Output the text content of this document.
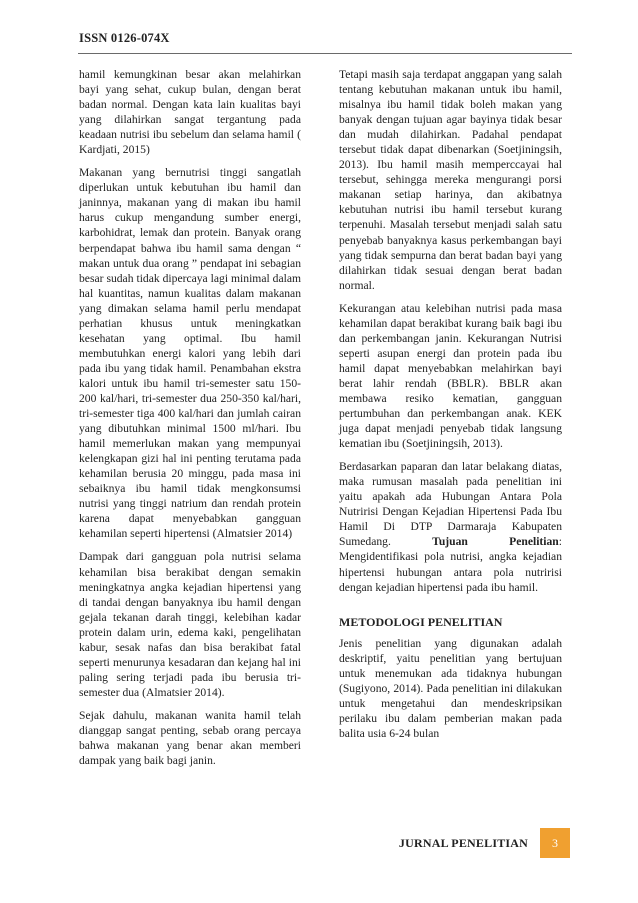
ISSN 0126-074X

hamil kemungkinan besar akan melahirkan bayi yang sehat, cukup bulan, dengan berat badan normal. Dengan kata lain kualitas bayi yang dilahirkan sangat tergantung pada keadaan nutrisi ibu sebelum dan selama hamil ( Kardjati, 2015)

Makanan yang bernutrisi tinggi sangatlah diperlukan untuk kebutuhan ibu hamil dan janinnya, makanan yang di makan ibu hamil harus cukup mengandung sumber energi, karbohidrat, lemak dan protein. Banyak orang berpendapat bahwa ibu hamil sama dengan “ makan untuk dua orang ” pendapat ini sebagian besar sudah tidak dipercaya lagi minimal dalam hal kuantitas, namun kualitas dalam makanan yang dimakan selama hamil perlu mendapat perhatian khusus untuk meningkatkan kesehatan yang optimal. Ibu hamil membutuhkan energi kalori yang lebih dari pada ibu yang tidak hamil. Penambahan ekstra kalori untuk ibu hamil tri-semester satu 150-200 kal/hari, tri-semester dua 250-350 kal/hari, tri-semester tiga 400 kal/hari dan jumlah cairan yang dibutuhkan minimal 1500 ml/hari. Ibu hamil memerlukan makan yang mempunyai kelengkapan gizi hal ini penting terutama pada kehamilan berusia 20 minggu, pada masa ini sebaiknya ibu hamil tidak mengkonsumsi nutrisi yang tinggi natrium dan rendah protein karena dapat menyebabkan gangguan kehamilan seperti hipertensi (Almatsier 2014)

Dampak dari gangguan pola nutrisi selama kehamilan bisa berakibat dengan semakin meningkatnya angka kejadian hipertensi yang di tandai dengan banyaknya ibu hamil dengan gejala tekanan darah tinggi, kelebihan kadar protein dalam urin, edema kaki, pengelihatan kabur, sesak nafas dan bisa berakibat fatal seperti menurunya kesadaran dan kejang hal ini paling sering terjadi pada ibu berusia tri-semester dua (Almatsier 2014).

Sejak dahulu, makanan wanita hamil telah dianggap sangat penting, sebab orang percaya bahwa makanan yang benar akan memberi dampak yang baik bagi janin.

Tetapi masih saja terdapat anggapan yang salah tentang kebutuhan makanan untuk ibu hamil, misalnya ibu hamil tidak boleh makan yang banyak dengan tujuan agar bayinya tidak besar dan mudah dilahirkan. Padahal pendapat tersebut tidak dapat dibenarkan (Soetjiningsih, 2013). Ibu hamil masih memperccayai hal tersebut, sehingga mereka mengurangi porsi makanan setiap harinya, dan akibatnya kebutuhan nutrisi ibu hamil tersebut kurang terpenuhi. Masalah tersebut menjadi salah satu penyebab banyaknya kasus perkembangan bayi yang tidak sempurna dan berat badan bayi yang dilahirkan tidak sesuai dengan berat badan normal.

Kekurangan atau kelebihan nutrisi pada masa kehamilan dapat berakibat kurang baik bagi ibu dan perkembangan janin. Kekurangan Nutrisi seperti asupan energi dan protein pada ibu hamil dapat menyebabkan melahirkan bayi berat lahir rendah (BBLR). BBLR akan membawa resiko kematian, gangguan pertumbuhan dan perkembangan anak. KEK juga dapat menjadi penyebab tidak langsung kematian ibu (Soetjiningsih, 2013).

Berdasarkan paparan dan latar belakang diatas, maka rumusan masalah pada penelitian ini yaitu apakah ada Hubungan Antara Pola Nutririsi Dengan Kejadian Hipertensi Pada Ibu Hamil Di DTP Darmaraja Kabupaten Sumedang.	Tujuan Penelitian: Mengidentifikasi pola nutrisi, angka kejadian hipertensi hubungan antara pola nutririsi dengan kejadian hipertensi pada ibu hamil.

METODOLOGI PENELITIAN

Jenis penelitian yang digunakan adalah deskriptif, yaitu penelitian yang bertujuan untuk menemukan ada tidaknya hubungan (Sugiyono, 2014). Pada penelitian ini dilakukan untuk mengetahui dan mendeskripsikan perilaku ibu dalam pemberian makan pada balita usia 6-24 bulan

JURNAL PENELITIAN	3
